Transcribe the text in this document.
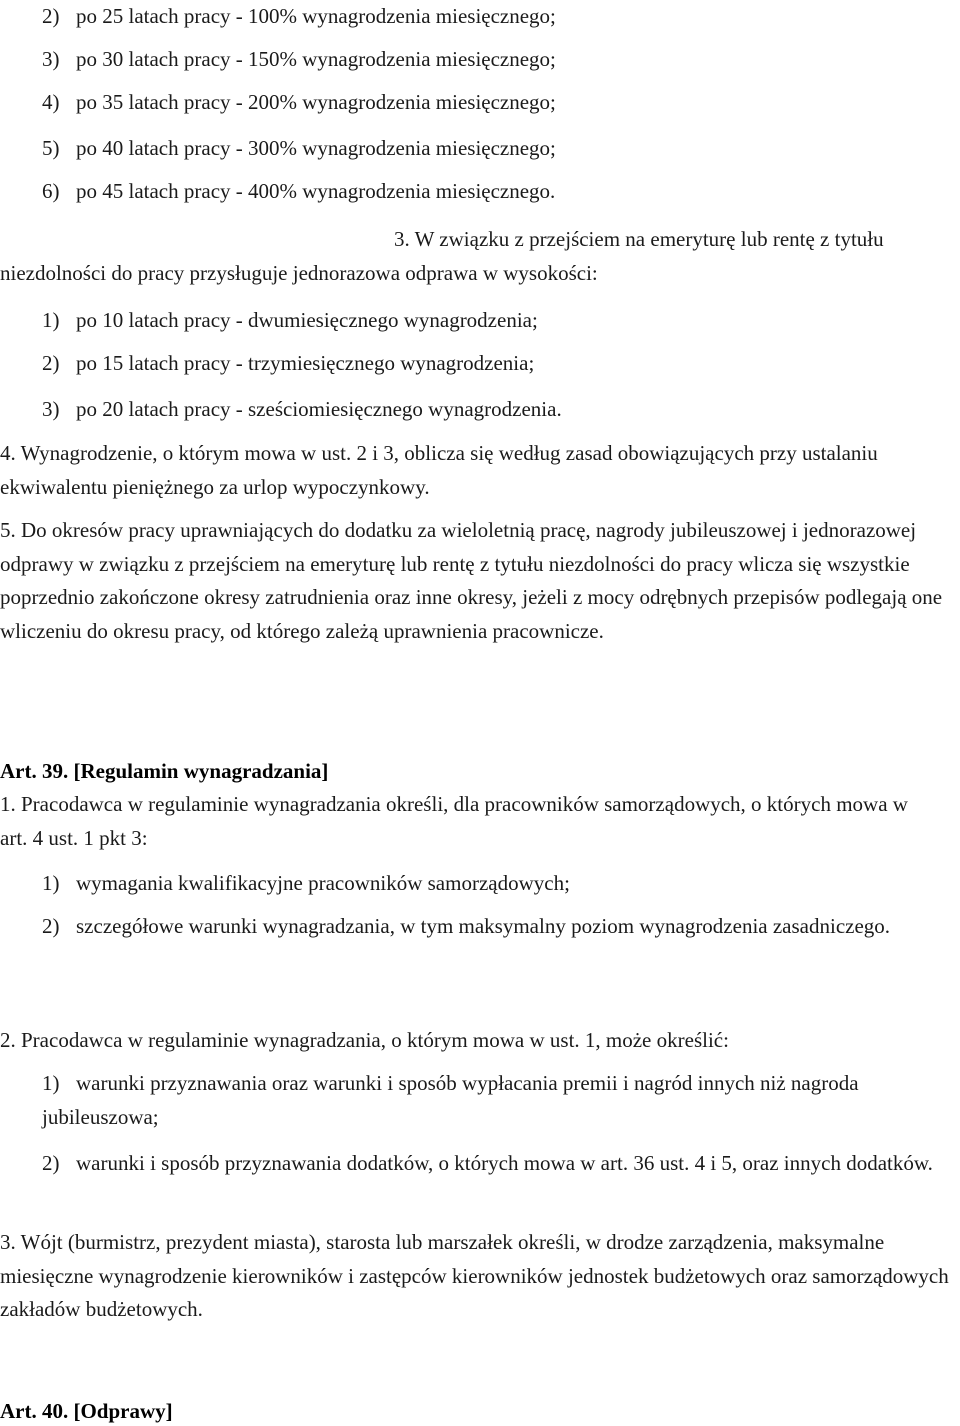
2) po 25 latach pracy - 100% wynagrodzenia miesięcznego;
3) po 30 latach pracy - 150% wynagrodzenia miesięcznego;
4) po 35 latach pracy - 200% wynagrodzenia miesięcznego;
5) po 40 latach pracy - 300% wynagrodzenia miesięcznego;
6) po 45 latach pracy - 400% wynagrodzenia miesięcznego.
3. W związku z przejściem na emeryturę lub rentę z tytułu niezdolności do pracy przysługuje jednorazowa odprawa w wysokości:
1) po 10 latach pracy - dwumiesięcznego wynagrodzenia;
2) po 15 latach pracy - trzymiesięcznego wynagrodzenia;
3) po 20 latach pracy - sześciomiesięcznego wynagrodzenia.
4. Wynagrodzenie, o którym mowa w ust. 2 i 3, oblicza się według zasad obowiązujących przy ustalaniu ekwiwalentu pieniężnego za urlop wypoczynkowy.
5. Do okresów pracy uprawniających do dodatku za wieloletnią pracę, nagrody jubileuszowej i jednorazowej odprawy w związku z przejściem na emeryturę lub rentę z tytułu niezdolności do pracy wlicza się wszystkie poprzednio zakończone okresy zatrudnienia oraz inne okresy, jeżeli z mocy odrębnych przepisów podlegają one wliczeniu do okresu pracy, od którego zależą uprawnienia pracownicze.
Art. 39. [Regulamin wynagradzania]
1. Pracodawca w regulaminie wynagradzania określi, dla pracowników samorządowych, o których mowa w art. 4 ust. 1 pkt 3:
1) wymagania kwalifikacyjne pracowników samorządowych;
2) szczegółowe warunki wynagradzania, w tym maksymalny poziom wynagrodzenia zasadniczego.
2. Pracodawca w regulaminie wynagradzania, o którym mowa w ust. 1, może określić:
1) warunki przyznawania oraz warunki i sposób wypłacania premii i nagród innych niż nagroda jubileuszowa;
2) warunki i sposób przyznawania dodatków, o których mowa w art. 36 ust. 4 i 5, oraz innych dodatków.
3. Wójt (burmistrz, prezydent miasta), starosta lub marszałek określi, w drodze zarządzenia, maksymalne miesięczne wynagrodzenie kierowników i zastępców kierowników jednostek budżetowych oraz samorządowych zakładów budżetowych.
Art. 40. [Odprawy]
